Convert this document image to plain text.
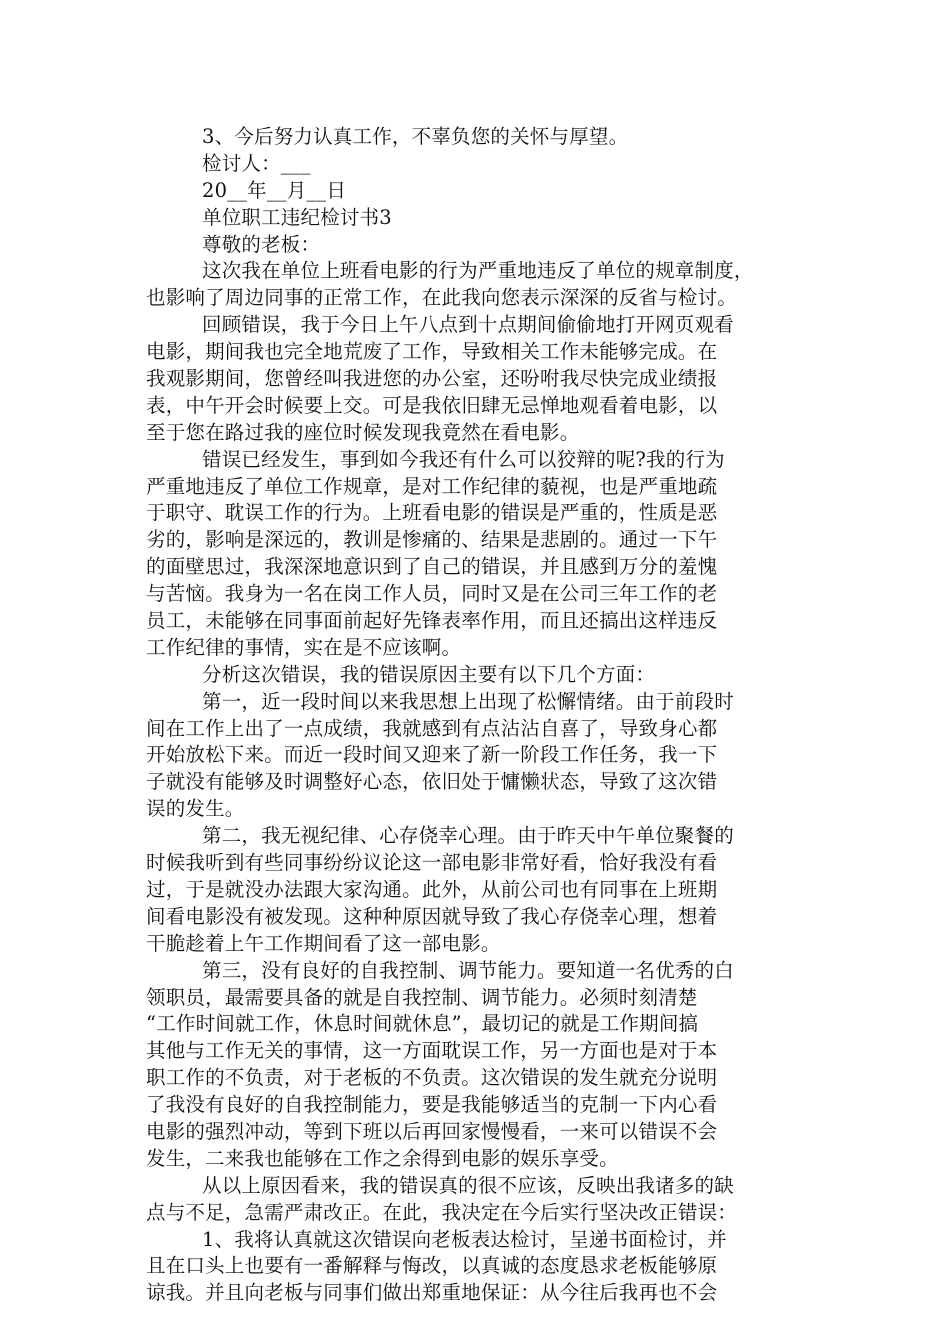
3、今后努力认真工作，不辜负您的关怀与厚望。
检讨人：___
20__年__月__日
单位职工违纪检讨书3
尊敬的老板：
这次我在单位上班看电影的行为严重地违反了单位的规章制度，
也影响了周边同事的正常工作，在此我向您表示深深的反省与检讨。
回顾错误，我于今日上午八点到十点期间偷偷地打开网页观看
电影，期间我也完全地荒废了工作，导致相关工作未能够完成。在
我观影期间，您曾经叫我进您的办公室，还吩咐我尽快完成业绩报
表，中午开会时候要上交。可是我依旧肆无忌惮地观看着电影，以
至于您在路过我的座位时候发现我竟然在看电影。
错误已经发生，事到如今我还有什么可以狡辩的呢?我的行为
严重地违反了单位工作规章，是对工作纪律的藐视，也是严重地疏
于职守、耽误工作的行为。上班看电影的错误是严重的，性质是恶
劣的，影响是深远的，教训是惨痛的、结果是悲剧的。通过一下午
的面壁思过，我深深地意识到了自己的错误，并且感到万分的羞愧
与苦恼。我身为一名在岗工作人员，同时又是在公司三年工作的老
员工，未能够在同事面前起好先锋表率作用，而且还搞出这样违反
工作纪律的事情，实在是不应该啊。
分析这次错误，我的错误原因主要有以下几个方面：
第一，近一段时间以来我思想上出现了松懈情绪。由于前段时
间在工作上出了一点成绩，我就感到有点沾沾自喜了，导致身心都
开始放松下来。而近一段时间又迎来了新一阶段工作任务，我一下
子就没有能够及时调整好心态，依旧处于慵懒状态，导致了这次错
误的发生。
第二，我无视纪律、心存侥幸心理。由于昨天中午单位聚餐的
时候我听到有些同事纷纷议论这一部电影非常好看，恰好我没有看
过，于是就没办法跟大家沟通。此外，从前公司也有同事在上班期
间看电影没有被发现。这种种原因就导致了我心存侥幸心理，想着
干脆趁着上午工作期间看了这一部电影。
第三，没有良好的自我控制、调节能力。要知道一名优秀的白
领职员，最需要具备的就是自我控制、调节能力。必须时刻清楚
“工作时间就工作，休息时间就休息”，最切记的就是工作期间搞
其他与工作无关的事情，这一方面耽误工作，另一方面也是对于本
职工作的不负责，对于老板的不负责。这次错误的发生就充分说明
了我没有良好的自我控制能力，要是我能够适当的克制一下内心看
电影的强烈冲动，等到下班以后再回家慢慢看，一来可以错误不会
发生，二来我也能够在工作之余得到电影的娱乐享受。
从以上原因看来，我的错误真的很不应该，反映出我诸多的缺
点与不足，急需严肃改正。在此，我决定在今后实行坚决改正错误：
1、我将认真就这次错误向老板表达检讨，呈递书面检讨，并
且在口头上也要有一番解释与悔改，以真诚的态度恳求老板能够原
谅我。并且向老板与同事们做出郑重地保证：从今往后我再也不会
